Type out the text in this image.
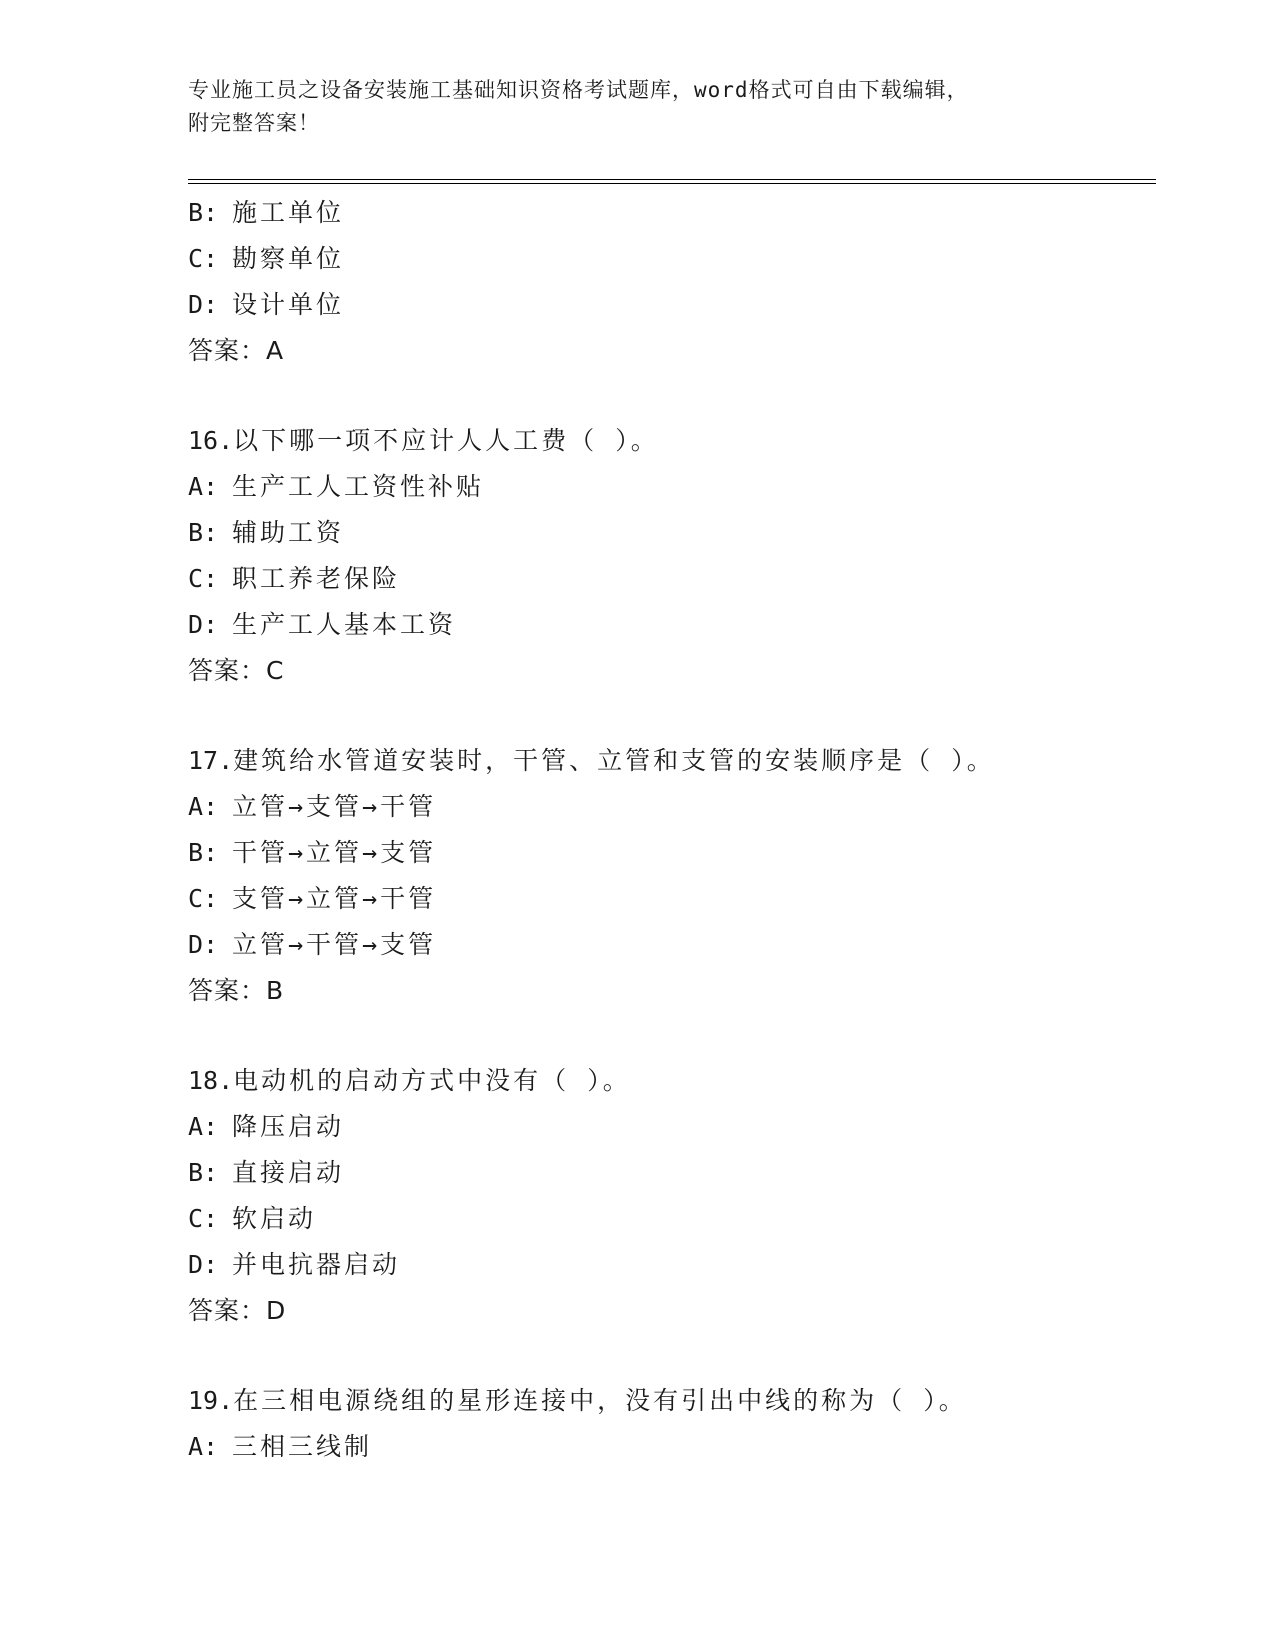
专业施工员之设备安装施工基础知识资格考试题库，word格式可自由下载编辑，
附完整答案！
B: 施工单位
C: 勘察单位
D: 设计单位
答案：A
16.以下哪一项不应计人人工费（ ）。
A: 生产工人工资性补贴
B: 辅助工资
C: 职工养老保险
D: 生产工人基本工资
答案：C
17.建筑给水管道安装时，干管、立管和支管的安装顺序是（ ）。
A: 立管→支管→干管
B: 干管→立管→支管
C: 支管→立管→干管
D: 立管→干管→支管
答案：B
18.电动机的启动方式中没有（ ）。
A: 降压启动
B: 直接启动
C: 软启动
D: 并电抗器启动
答案：D
19.在三相电源绕组的星形连接中，没有引出中线的称为（ ）。
A: 三相三线制
